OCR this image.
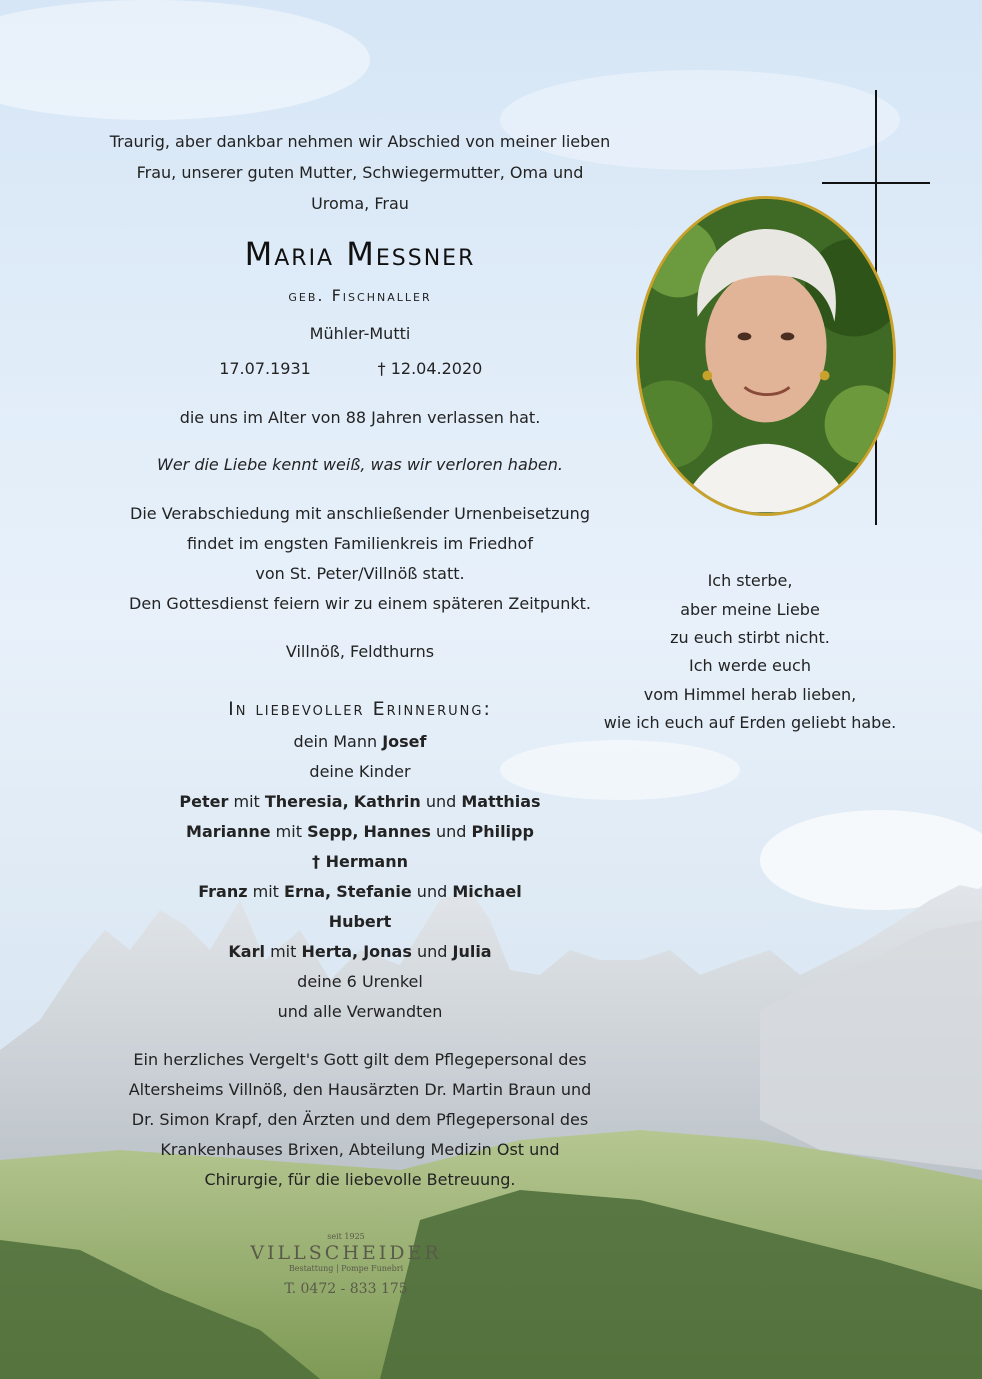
Traurig, aber dankbar nehmen wir Abschied von meiner lieben
Frau, unserer guten Mutter, Schwiegermutter, Oma und
Uroma, Frau
Maria Messner
geb. Fischnaller
Mühler-Mutti
17.07.1931	† 12.04.2020
die uns im Alter von 88 Jahren verlassen hat.
Wer die Liebe kennt weiß, was wir verloren haben.
Die Verabschiedung mit anschließender Urnenbeisetzung
findet im engsten Familienkreis im Friedhof
von St. Peter/Villnöß statt.
Den Gottesdienst feiern wir zu einem späteren Zeitpunkt.
Villnöß, Feldthurns
In liebevoller Erinnerung:
dein Mann Josef
deine Kinder
Peter mit Theresia, Kathrin und Matthias
Marianne mit Sepp, Hannes und Philipp
† Hermann
Franz mit Erna, Stefanie und Michael
Hubert
Karl mit Herta, Jonas und Julia
deine 6 Urenkel
und alle Verwandten
Ein herzliches Vergelt's Gott gilt dem Pflegepersonal des
Altersheims Villnöß, den Hausärzten Dr. Martin Braun und
Dr. Simon Krapf, den Ärzten und dem Pflegepersonal des
Krankenhauses Brixen, Abteilung Medizin Ost und
Chirurgie, für die liebevolle Betreuung.
Ich sterbe,
aber meine Liebe
zu euch stirbt nicht.
Ich werde euch
vom Himmel herab lieben,
wie ich euch auf Erden geliebt habe.
seit 1925
VILLSCHEIDER
Bestattung | Pompe Funebri
T. 0472 - 833 175
